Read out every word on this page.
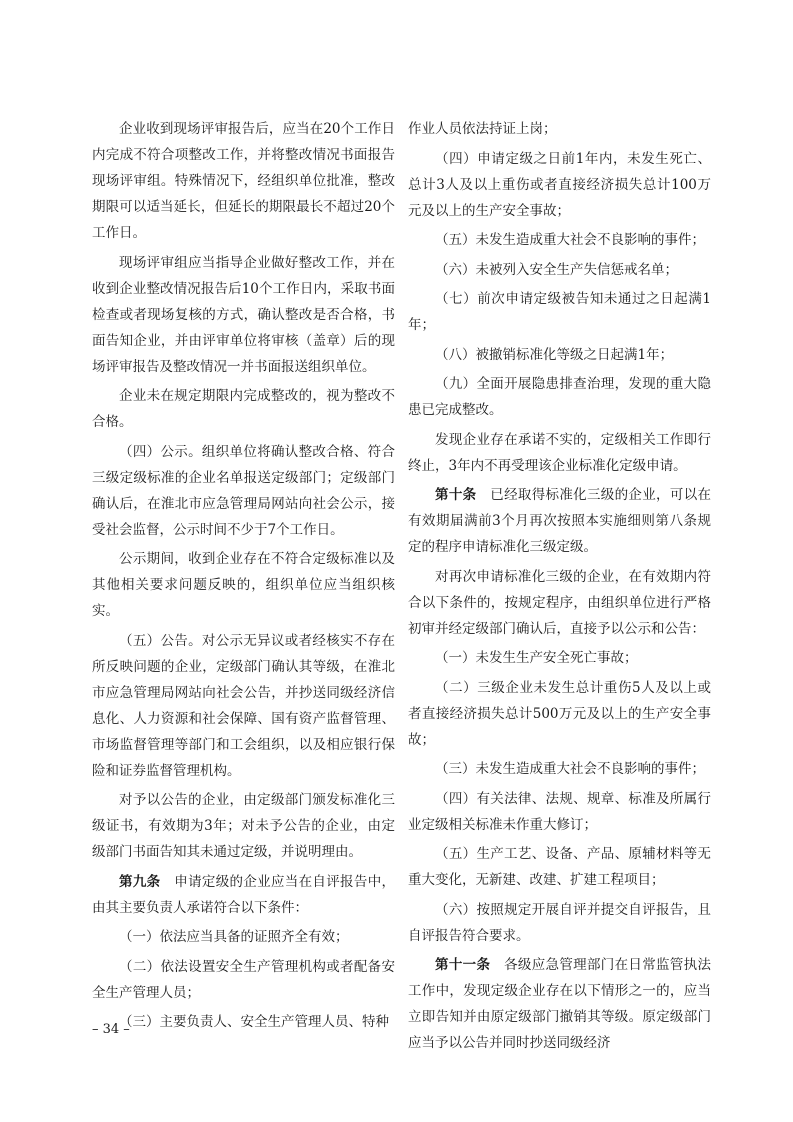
企业收到现场评审报告后，应当在20个工作日内完成不符合项整改工作，并将整改情况书面报告现场评审组。特殊情况下，经组织单位批准，整改期限可以适当延长，但延长的期限最长不超过20个工作日。

现场评审组应当指导企业做好整改工作，并在收到企业整改情况报告后10个工作日内，采取书面检查或者现场复核的方式，确认整改是否合格，书面告知企业，并由评审单位将审核（盖章）后的现场评审报告及整改情况一并书面报送组织单位。

企业未在规定期限内完成整改的，视为整改不合格。

（四）公示。组织单位将确认整改合格、符合三级定级标准的企业名单报送定级部门；定级部门确认后，在淮北市应急管理局网站向社会公示，接受社会监督，公示时间不少于7个工作日。

公示期间，收到企业存在不符合定级标准以及其他相关要求问题反映的，组织单位应当组织核实。

（五）公告。对公示无异议或者经核实不存在所反映问题的企业，定级部门确认其等级，在淮北市应急管理局网站向社会公告，并抄送同级经济信息化、人力资源和社会保障、国有资产监督管理、市场监督管理等部门和工会组织，以及相应银行保险和证券监督管理机构。

对予以公告的企业，由定级部门颁发标准化三级证书，有效期为3年；对未予公告的企业，由定级部门书面告知其未通过定级，并说明理由。

第九条　申请定级的企业应当在自评报告中，由其主要负责人承诺符合以下条件：

（一）依法应当具备的证照齐全有效；

（二）依法设置安全生产管理机构或者配备安全生产管理人员；

（三）主要负责人、安全生产管理人员、特种

作业人员依法持证上岗；

（四）申请定级之日前1年内，未发生死亡、总计3人及以上重伤或者直接经济损失总计100万元及以上的生产安全事故；

（五）未发生造成重大社会不良影响的事件；

（六）未被列入安全生产失信惩戒名单；

（七）前次申请定级被告知未通过之日起满1年；

（八）被撤销标准化等级之日起满1年；

（九）全面开展隐患排查治理，发现的重大隐患已完成整改。

发现企业存在承诺不实的，定级相关工作即行终止，3年内不再受理该企业标准化定级申请。

第十条　已经取得标准化三级的企业，可以在有效期届满前3个月再次按照本实施细则第八条规定的程序申请标准化三级定级。

对再次申请标准化三级的企业，在有效期内符合以下条件的，按规定程序，由组织单位进行严格初审并经定级部门确认后，直接予以公示和公告：

（一）未发生生产安全死亡事故；

（二）三级企业未发生总计重伤5人及以上或者直接经济损失总计500万元及以上的生产安全事故；

（三）未发生造成重大社会不良影响的事件；

（四）有关法律、法规、规章、标准及所属行业定级相关标准未作重大修订；

（五）生产工艺、设备、产品、原辅材料等无重大变化，无新建、改建、扩建工程项目；

（六）按照规定开展自评并提交自评报告，且自评报告符合要求。

第十一条　各级应急管理部门在日常监管执法工作中，发现定级企业存在以下情形之一的，应当立即告知并由原定级部门撤销其等级。原定级部门应当予以公告并同时抄送同级经济

– 34 –
